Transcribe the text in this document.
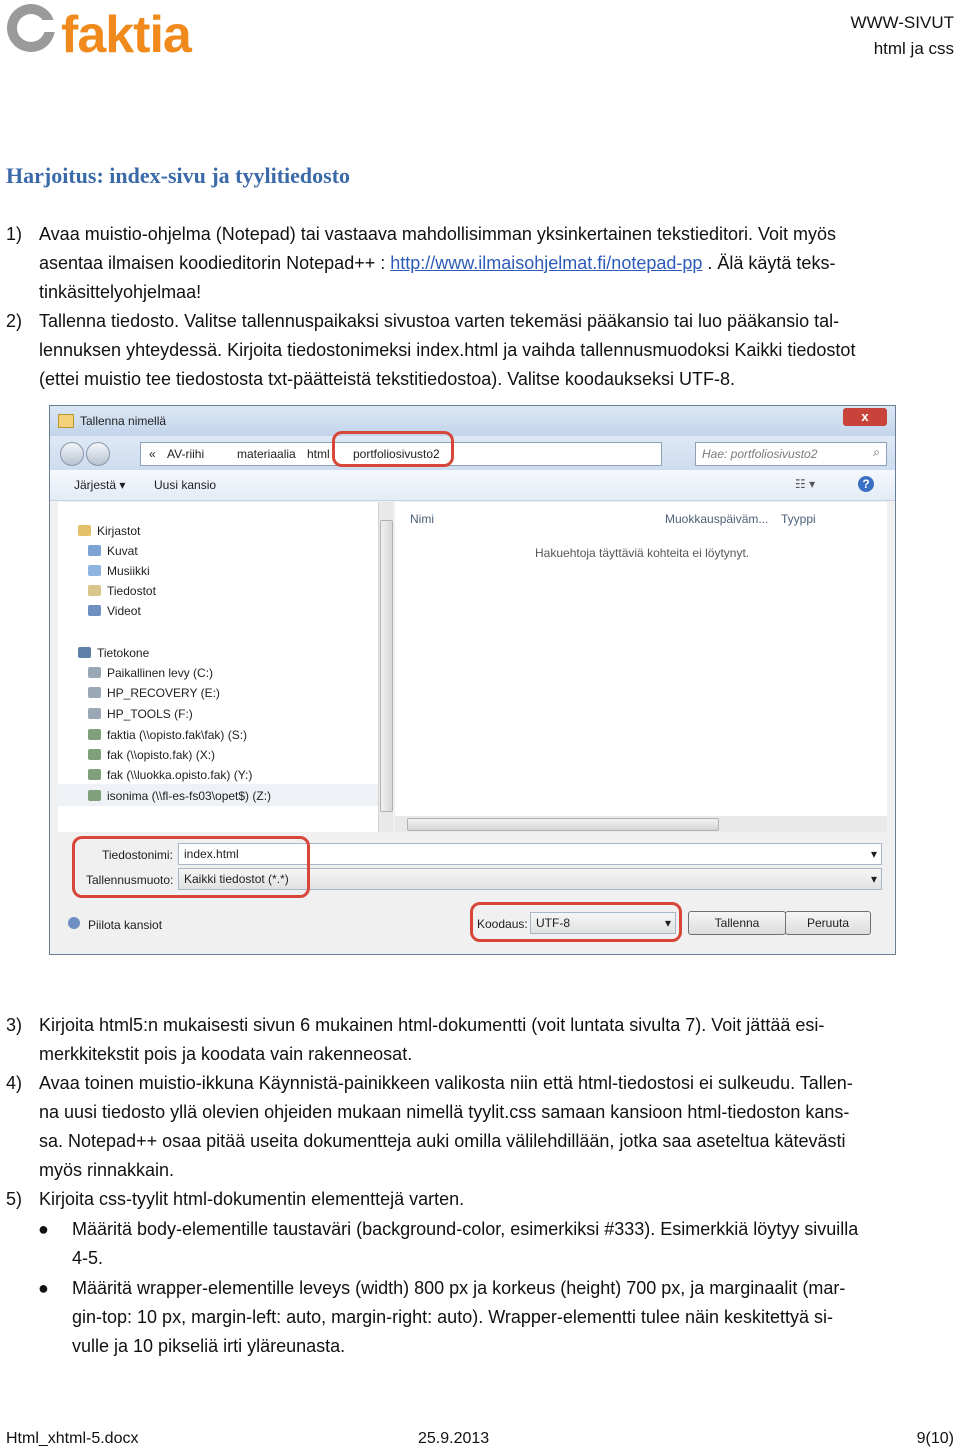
faktia	WWW-SIVUT
html ja css
Harjoitus: index-sivu ja tyylitiedosto
1) Avaa muistio-ohjelma (Notepad) tai vastaava mahdollisimman yksinkertainen tekstieditori. Voit myös
asentaa ilmaisen koodieditorin Notepad++ : http://www.ilmaisohjelmat.fi/notepad-pp . Älä käytä teks-
tinkäsittelyohjelmaa!
2) Tallenna tiedosto. Valitse tallennuspaikaksi sivustoa varten tekemäsi pääkansio tai luo pääkansio tal-
lennuksen yhteydessä. Kirjoita tiedostonimeksi index.html ja vaihda tallennusmuodoksi Kaikki tiedostot
(ettei muistio tee tiedostosta txt-päätteistä tekstitiedostoa). Valitse koodaukseksi UTF-8.
Tallenna nimellä	x
« AV-riihi	materiaalia html portfoliosivusto2	Hae: portfoliosivusto2	⌕
Järjestä ▾ Uusi kansio	☷ ▾	?
Kirjastot
Kuvat
Musiikki
Tiedostot
Videot
Tietokone
Paikallinen levy (C:)
HP_RECOVERY (E:)
HP_TOOLS (F:)
faktia (\\opisto.fak\fak) (S:)
fak (\\opisto.fak) (X:)
fak (\\luokka.opisto.fak) (Y:)
isonima (\\fl-es-fs03\opet$) (Z:)
Nimi	Muokkauspäiväm... Tyyppi
Hakuehtoja täyttäviä kohteita ei löytynyt.
Tiedostonimi: index.html	▾
Tallennusmuoto: Kaikki tiedostot (*.*)	▾
Piilota kansiot	Koodaus: UTF-8	▾	Tallenna	Peruuta
3) Kirjoita html5:n mukaisesti sivun 6 mukainen html-dokumentti (voit luntata sivulta 7). Voit jättää esi-
merkkitekstit pois ja koodata vain rakenneosat.
4) Avaa toinen muistio-ikkuna Käynnistä-painikkeen valikosta niin että html-tiedostosi ei sulkeudu. Tallen-
na uusi tiedosto yllä olevien ohjeiden mukaan nimellä tyylit.css samaan kansioon html-tiedoston kans-
sa. Notepad++ osaa pitää useita dokumentteja auki omilla välilehdillään, jotka saa aseteltua kätevästi
myös rinnakkain.
5) Kirjoita css-tyylit html-dokumentin elementtejä varten.
● Määritä body-elementille taustaväri (background-color, esimerkiksi #333). Esimerkkiä löytyy sivuilla
4-5.
● Määritä wrapper-elementille leveys (width) 800 px ja korkeus (height) 700 px, ja marginaalit (mar-
gin-top: 10 px, margin-left: auto, margin-right: auto). Wrapper-elementti tulee näin keskitettyä si-
vulle ja 10 pikseliä irti yläreunasta.
Html_xhtml-5.docx	25.9.2013	9(10)
